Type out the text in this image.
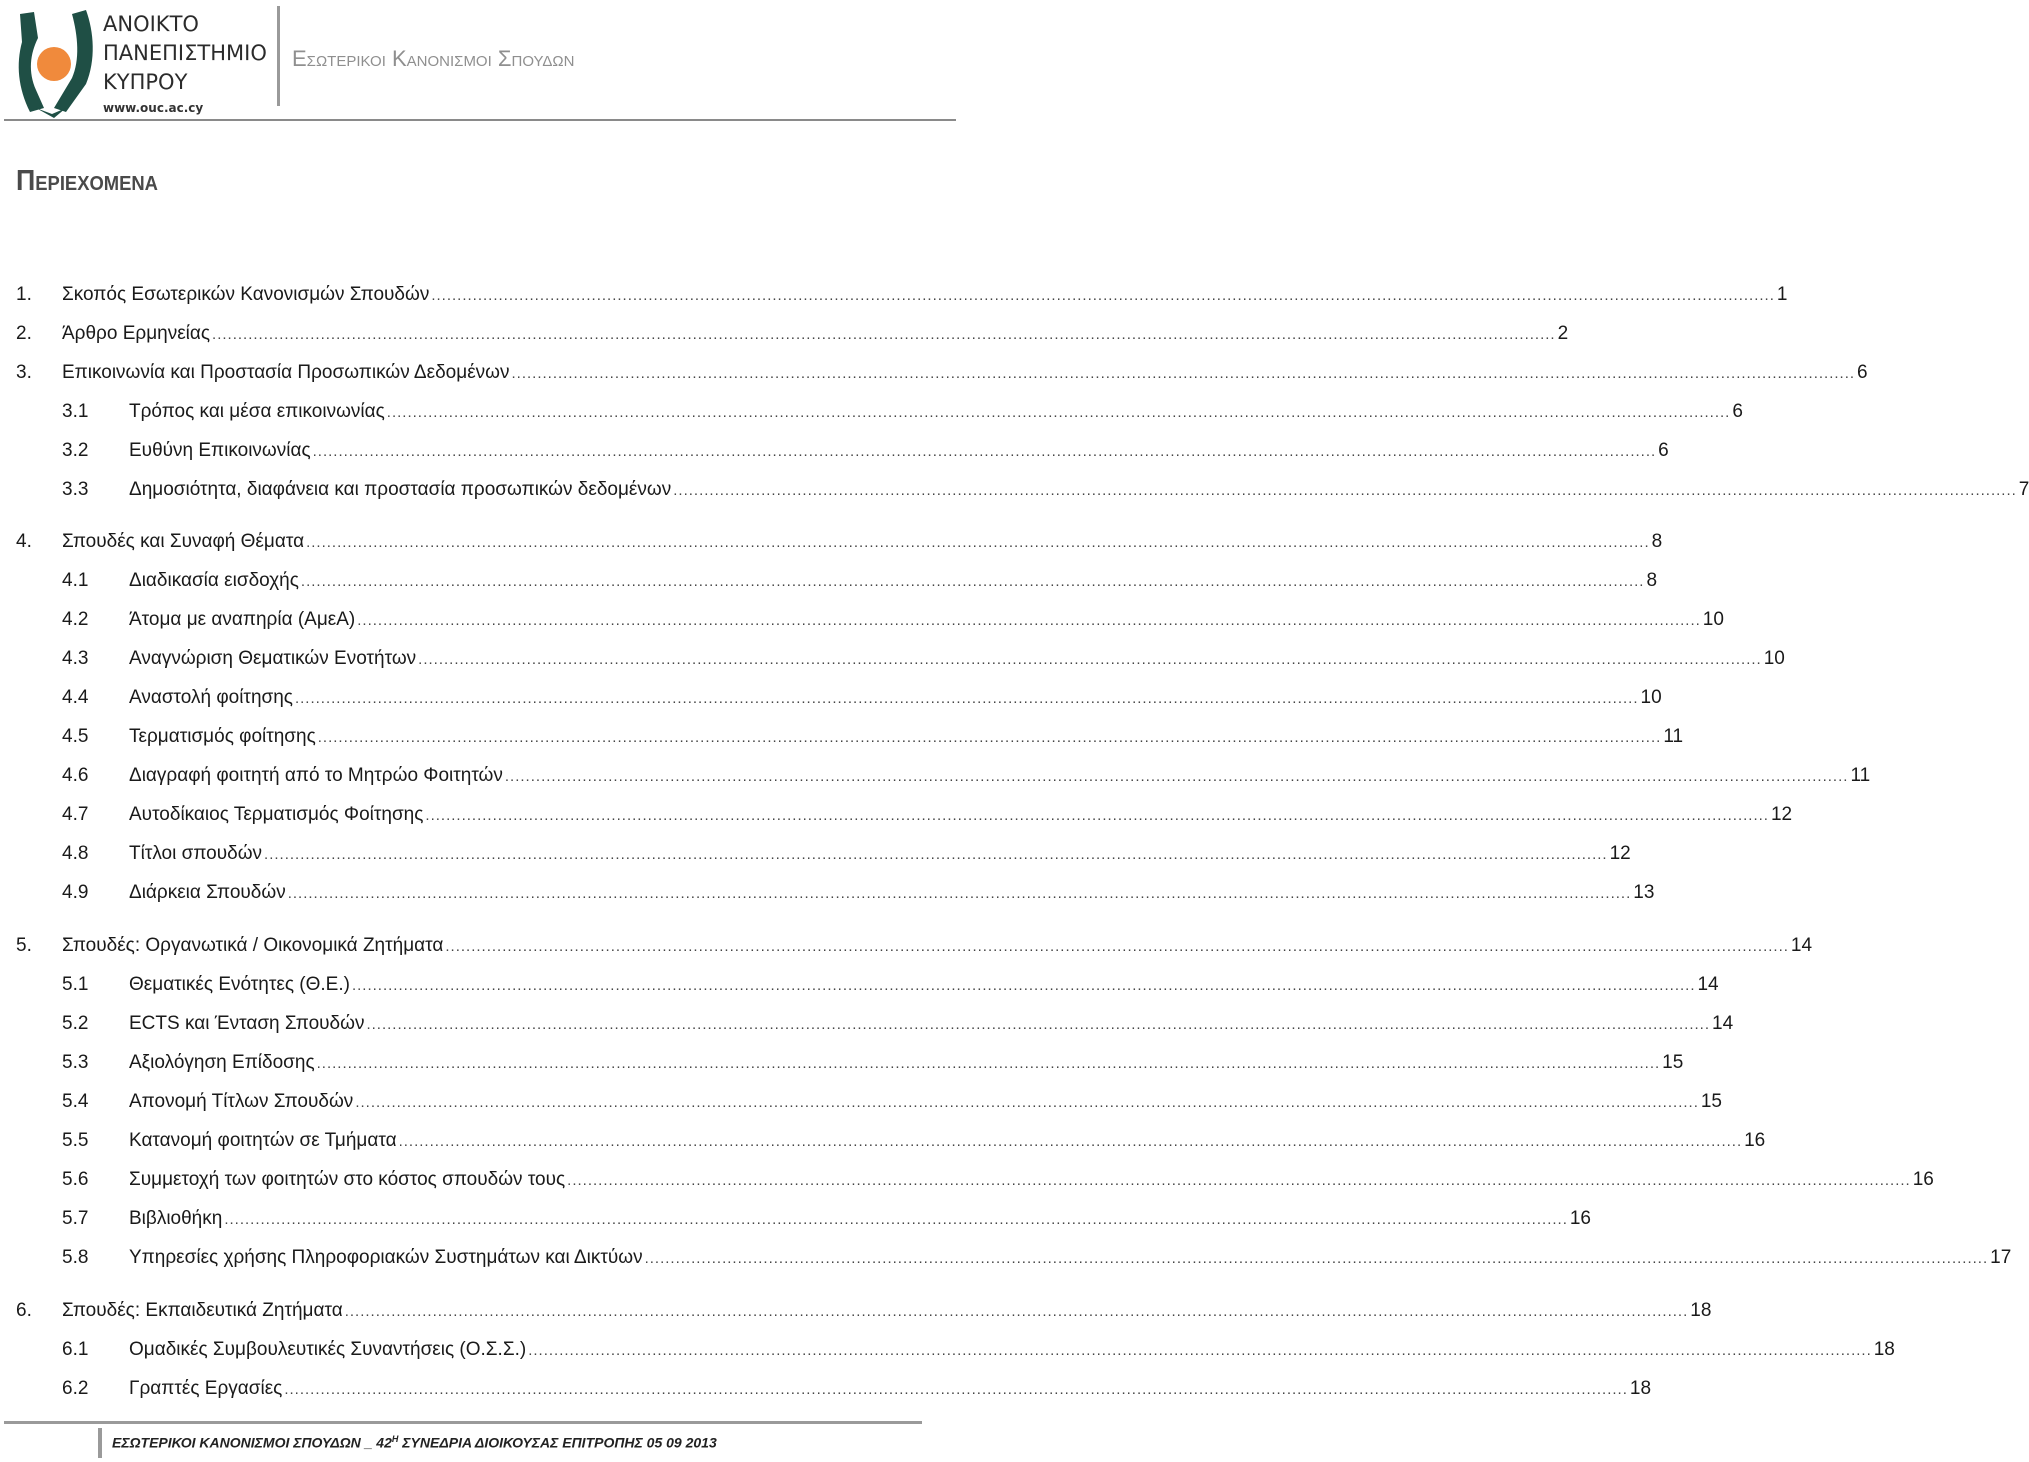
ΑΝΟΙΚΤΟ
ΠΑΝΕΠΙΣΤΗΜΙΟ
ΚΥΠΡΟΥ
www.ouc.ac.cy
Εσωτερικοι Κανονισμοι Σπουδων
Περιεχομενα
1. Σκοπός Εσωτερικών Κανονισμών Σπουδών .................................................................................................................................................................................................................................................................... 1
2. Άρθρο Ερμηνείας .................................................................................................................................................................................................................................................................... 2
3. Επικοινωνία και Προστασία Προσωπικών Δεδομένων .................................................................................................................................................................................................................................................................... 6
3.1 Τρόπος και μέσα επικοινωνίας .................................................................................................................................................................................................................................................................... 6
3.2 Ευθύνη Επικοινωνίας .................................................................................................................................................................................................................................................................... 6
3.3 Δημοσιότητα, διαφάνεια και προστασία προσωπικών δεδομένων .................................................................................................................................................................................................................................................................... 7
4. Σπουδές και Συναφή Θέματα .................................................................................................................................................................................................................................................................... 8
4.1 Διαδικασία εισδοχής .................................................................................................................................................................................................................................................................... 8
4.2 Άτομα με αναπηρία (ΑμεΑ) .................................................................................................................................................................................................................................................................... 10
4.3 Αναγνώριση Θεματικών Ενοτήτων .................................................................................................................................................................................................................................................................... 10
4.4 Αναστολή φοίτησης .................................................................................................................................................................................................................................................................... 10
4.5 Τερματισμός φοίτησης .................................................................................................................................................................................................................................................................... 11
4.6 Διαγραφή φοιτητή από το Μητρώο Φοιτητών .................................................................................................................................................................................................................................................................... 11
4.7 Αυτοδίκαιος Τερματισμός Φοίτησης .................................................................................................................................................................................................................................................................... 12
4.8 Τίτλοι σπουδών .................................................................................................................................................................................................................................................................... 12
4.9 Διάρκεια Σπουδών .................................................................................................................................................................................................................................................................... 13
5. Σπουδές: Οργανωτικά / Οικονομικά Ζητήματα .................................................................................................................................................................................................................................................................... 14
5.1 Θεματικές Ενότητες (Θ.Ε.) .................................................................................................................................................................................................................................................................... 14
5.2 ECTS και Ένταση Σπουδών .................................................................................................................................................................................................................................................................... 14
5.3 Αξιολόγηση Επίδοσης .................................................................................................................................................................................................................................................................... 15
5.4 Απονομή Τίτλων Σπουδών .................................................................................................................................................................................................................................................................... 15
5.5 Κατανομή φοιτητών σε Τμήματα .................................................................................................................................................................................................................................................................... 16
5.6 Συμμετοχή των φοιτητών στο κόστος σπουδών τους .................................................................................................................................................................................................................................................................... 16
5.7 Βιβλιοθήκη .................................................................................................................................................................................................................................................................... 16
5.8 Υπηρεσίες χρήσης Πληροφοριακών Συστημάτων και Δικτύων .................................................................................................................................................................................................................................................................... 17
6. Σπουδές: Εκπαιδευτικά Ζητήματα .................................................................................................................................................................................................................................................................... 18
6.1 Ομαδικές Συμβουλευτικές Συναντήσεις (Ο.Σ.Σ.) .................................................................................................................................................................................................................................................................... 18
6.2 Γραπτές Εργασίες .................................................................................................................................................................................................................................................................... 18
ΕΣΩΤΕΡΙΚΟΙ ΚΑΝΟΝΙΣΜΟΙ ΣΠΟΥΔΩΝ _ $42^H$ ΣΥΝΕΔΡΙΑ ΔΙΟΙΚΟΥΣΑΣ ΕΠΙΤΡΟΠΗΣ 05 09 2013
